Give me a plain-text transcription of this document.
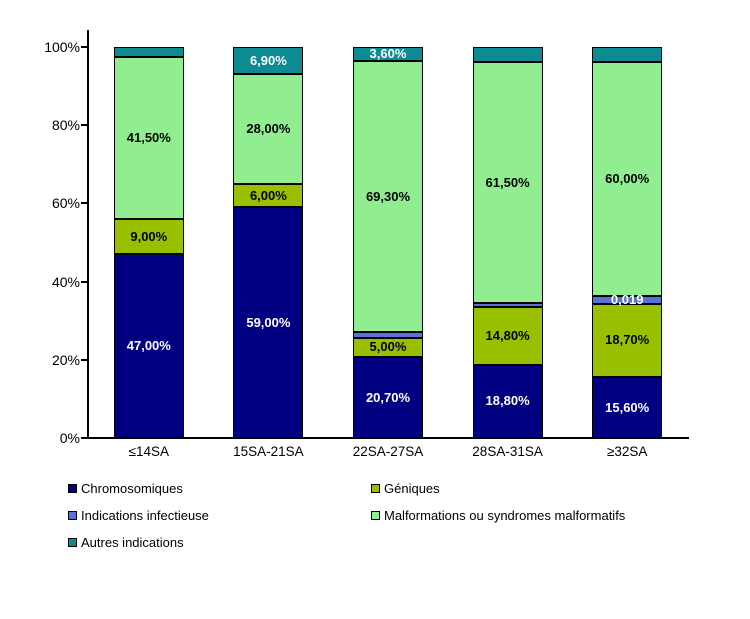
0%
20%
40%
60%
80%
100%
47,00%
9,00%
41,50%
59,00%
6,00%
28,00%
6,90%
20,70%
5,00%
69,30%
3,60%
18,80%
14,80%
61,50%
15,60%
18,70%
0,019
60,00%
≤14SA	15SA-21SA	22SA-27SA	28SA-31SA	≥32SA
Chromosomiques	Géniques
Indications infectieuse	Malformations ou syndromes malformatifs
Autres indications
